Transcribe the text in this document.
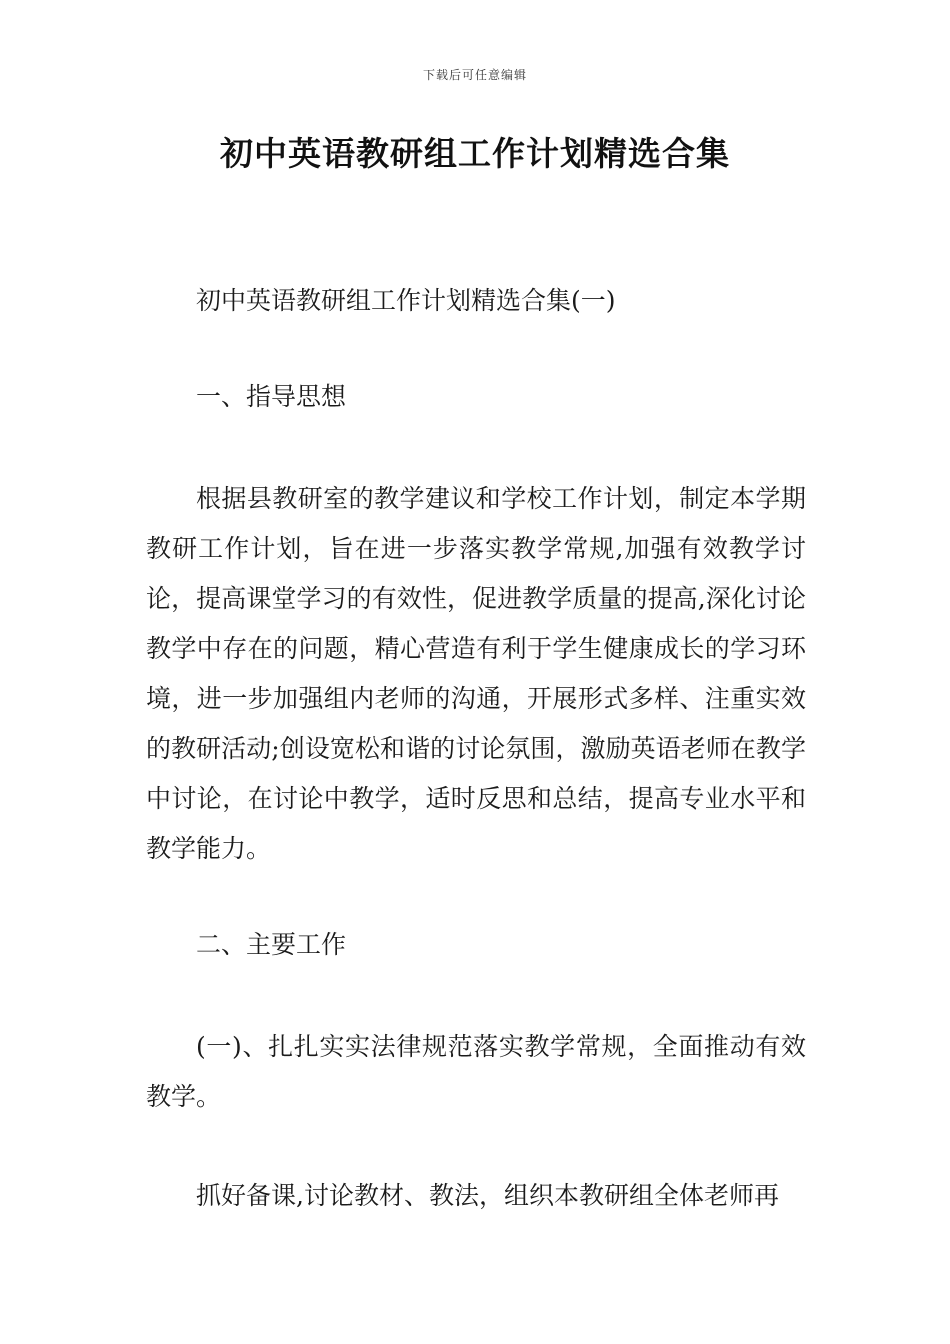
下载后可任意编辑
初中英语教研组工作计划精选合集

初中英语教研组工作计划精选合集(一)

一、指导思想

根据县教研室的教学建议和学校工作计划，制定本学期教研工作计划，旨在进一步落实教学常规,加强有效教学讨论，提高课堂学习的有效性，促进教学质量的提高,深化讨论教学中存在的问题，精心营造有利于学生健康成长的学习环境，进一步加强组内老师的沟通，开展形式多样、注重实效的教研活动;创设宽松和谐的讨论氛围，激励英语老师在教学中讨论，在讨论中教学，适时反思和总结，提高专业水平和教学能力。

二、主要工作

(一)、扎扎实实法律规范落实教学常规，全面推动有效教学。

抓好备课,讨论教材、教法，组织本教研组全体老师再
